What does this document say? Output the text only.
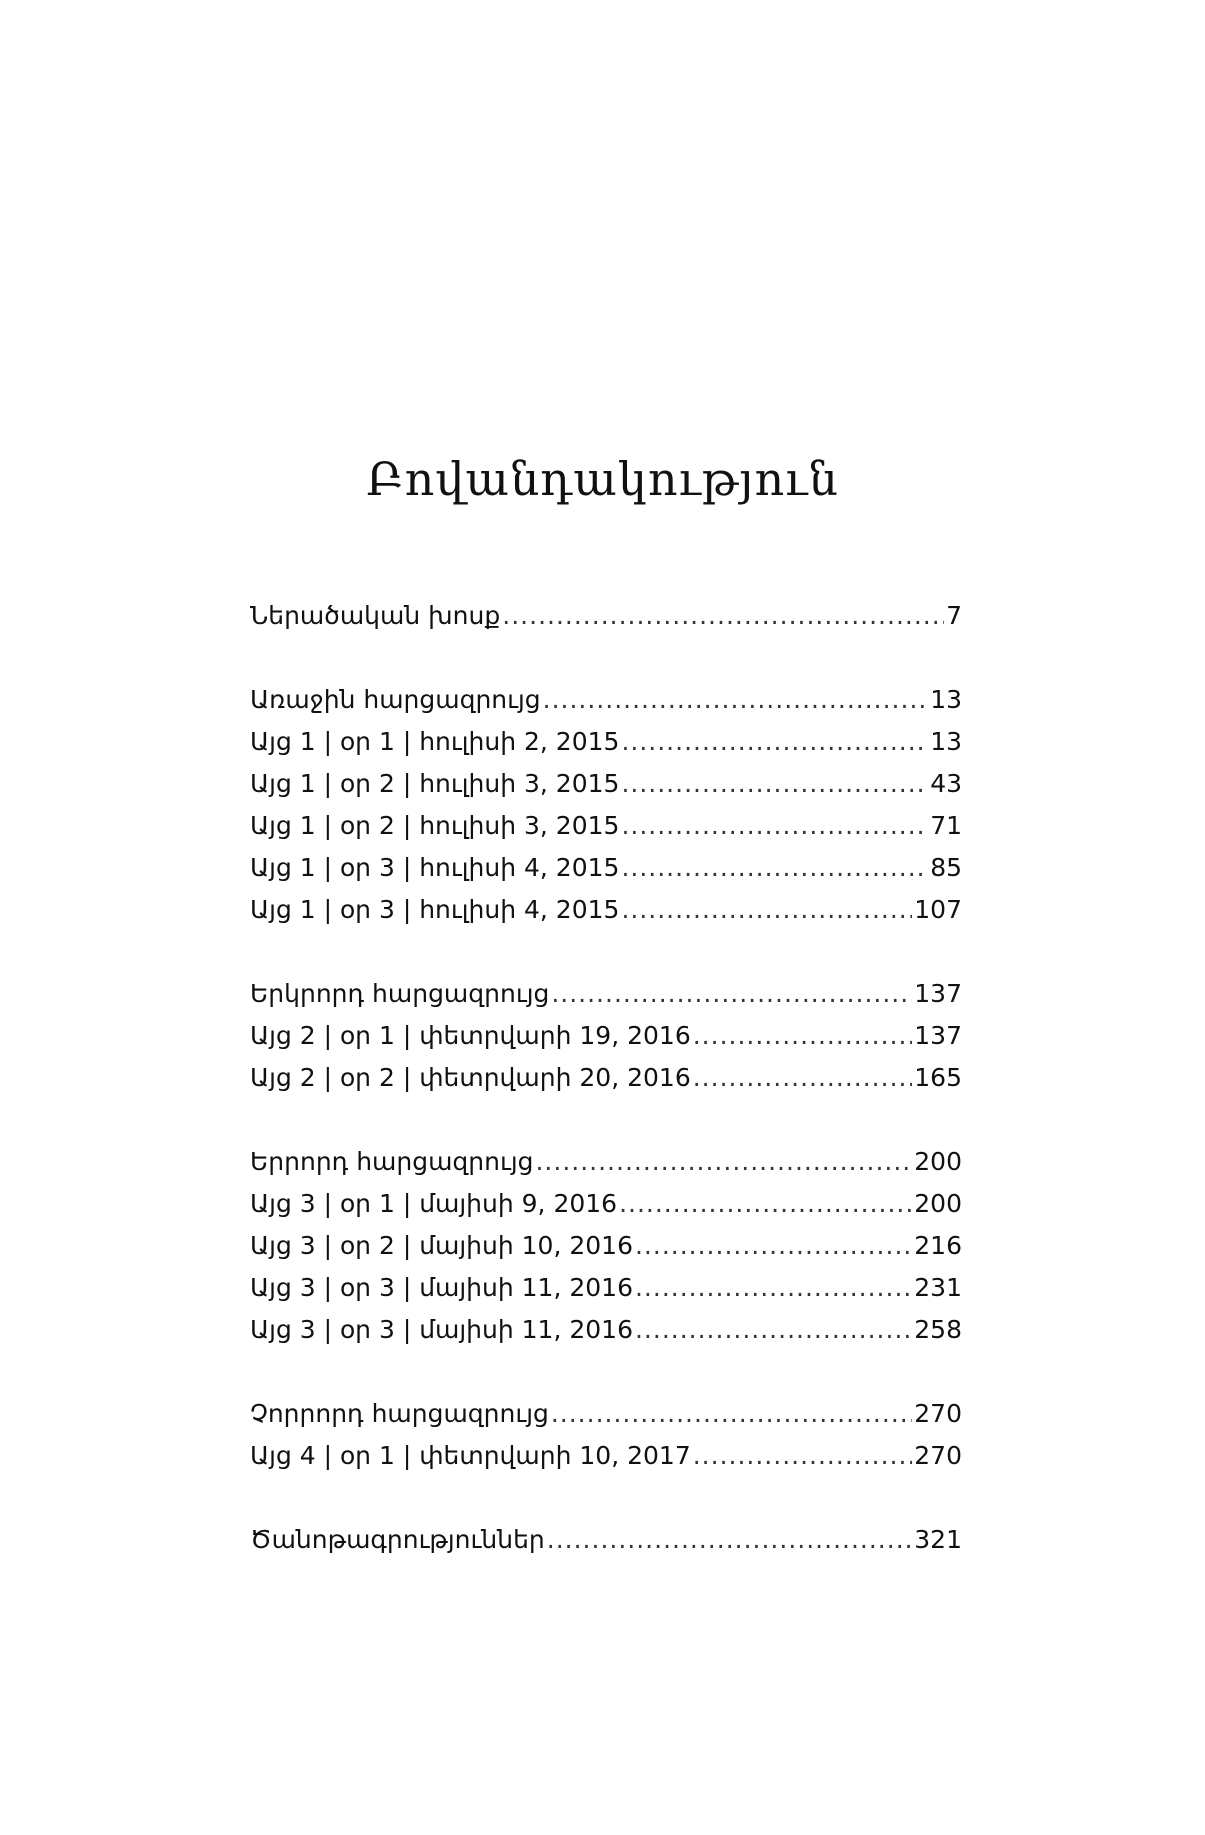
Բովանդակություն
Ներածական խոսք .....	7
Առաջին հարցազրույց .....	13
Այց 1 | օր 1 | հուլիսի 2, 2015 .....	13
Այց 1 | օր 2 | հուլիսի 3, 2015 .....	43
Այց 1 | օր 2 | հուլիսի 3, 2015 .....	71
Այց 1 | օր 3 | հուլիսի 4, 2015 .....	85
Այց 1 | օր 3 | հուլիսի 4, 2015 .....	107
Երկրորդ հարցազրույց .....	137
Այց 2 | օր 1 | փետրվարի 19, 2016 .....	137
Այց 2 | օր 2 | փետրվարի 20, 2016 .....	165
Երրորդ հարցազրույց .....	200
Այց 3 | օր 1 | մայիսի 9, 2016 .....	200
Այց 3 | օր 2 | մայիսի 10, 2016 .....	216
Այց 3 | օր 3 | մայիսի 11, 2016 .....	231
Այց 3 | օր 3 | մայիսի 11, 2016 .....	258
Չորրորդ հարցազրույց .....	270
Այց 4 | օր 1 | փետրվարի 10, 2017 .....	270
Ծանոթագրություններ .....	321
